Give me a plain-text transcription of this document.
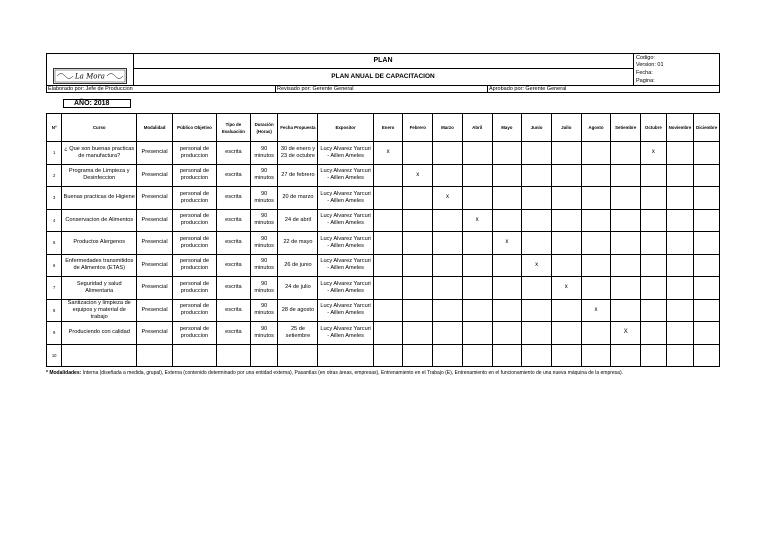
La Mora
PLAN
PLAN ANUAL DE CAPACITACION
Codigo:
Version: 01
Fecha:
Pagina:
Elaborado por: Jefe de Produccion	Revisado por: Gerente General	Aprobado por: Gerente General
AÑO: 2018
Nº	Curso	Modalidad	Público Objetivo	Tipo de Evaluación	Duración (Horas)	Fecha Propuesta	Expositor	Enero	Febrero	Marzo	Abril	Mayo	Junio	Julio	Agosto	Setiembre	Octubre	Noviembre	Diciembre
1	¿ Que son buenas practicas de manufactura?	Presencial	personal de produccion	escrita	90 minutos	30 de enero y 23 de octubre	Lucy Alvarez Yarcuri - Aillen Ameles	x									x		
2	Programa de Limpieza y Desinfeccion	Presencial	personal de produccion	escrita	90 minutos	27 de febrero	Lucy Alvarez Yarcuri - Aillen Ameles		x										
3	Buenas practicas de Higiene	Presencial	personal de produccion	escrita	90 minutos	20 de marzo	Lucy Alvarez Yarcuri - Aillen Ameles			x									
4	Conservacion de Alimentos	Presencial	personal de produccion	escrita	90 minutos	24 de abril	Lucy Alvarez Yarcuri - Aillen Ameles				x								
5	Productos Alergenos	Presencial	personal de produccion	escrita	90 minutos	22 de mayo	Lucy Alvarez Yarcuri - Aillen Ameles					x							
6	Enfermedades transmitidos de Alimentos (ETAS)	Presencial	personal de produccion	escrita	90 minutos	26 de junio	Lucy Alvarez Yarcuri - Aillen Ameles						x						
7	Seguridad y salud Alimentaria	Presencial	personal de produccion	escrita	90 minutos	24 de julio	Lucy Alvarez Yarcuri - Aillen Ameles							x					
8	Santizacion y limpieza de equipos y material de trabajo	Presencial	personal de produccion	escrita	90 minutos	28 de agosto	Lucy Alvarez Yarcuri - Aillen Ameles								x				
9	Produciendo con calidad	Presencial	personal de produccion	escrita	90 minutos	25 de setiembre	Lucy Alvarez Yarcuri - Aillen Ameles									X			
10																			
* Modalidades: Interna (diseñada a medida, grupal), Externa (contenido determinado por una entidad externa), Pasantías (en otras áreas, empresas), Entrenamiento en el Trabajo (E), Entrenamiento en el funcionamiento de una nueva máquina de la empresa).
